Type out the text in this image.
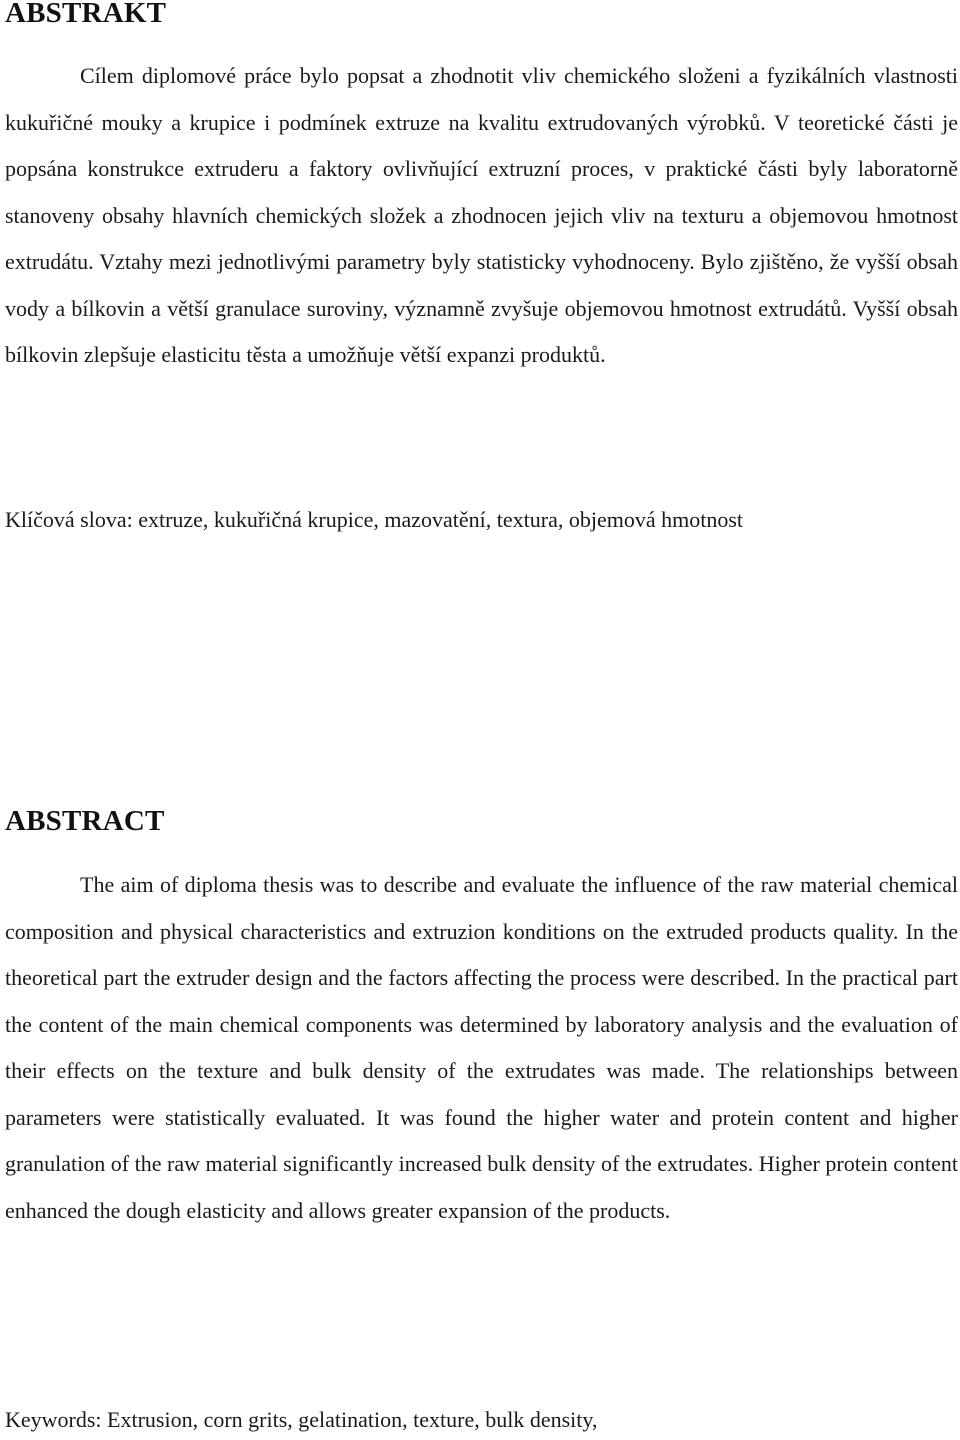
ABSTRAKT

Cílem diplomové práce bylo popsat a zhodnotit vliv chemického složeni a fyzikálních vlastnosti kukuřičné mouky a krupice i podmínek extruze na kvalitu extrudovaných výrobků. V teoretické části je popsána konstrukce extruderu a faktory ovlivňující extruzní proces, v praktické části byly laboratorně stanoveny obsahy hlavních chemických složek a zhodnocen jejich vliv na texturu a objemovou hmotnost extrudátu. Vztahy mezi jednotlivými parametry byly statisticky vyhodnoceny. Bylo zjištěno, že vyšší obsah vody a bílkovin a větší granulace suroviny, významně zvyšuje objemovou hmotnost extrudátů. Vyšší obsah bílkovin zlepšuje elasticitu těsta a umožňuje větší expanzi produktů.

Klíčová slova: extruze, kukuřičná krupice, mazovatění, textura, objemová hmotnost

ABSTRACT

The aim of diploma thesis was to describe and evaluate the influence of the raw material chemical composition and physical characteristics and extruzion konditions on the extruded products quality. In the theoretical part the extruder design and the factors affecting the process were described. In the practical part the content of the main chemical components was determined by laboratory analysis and the evaluation of their effects on the texture and bulk density of the extrudates was made. The relationships between parameters were statistically evaluated. It was found the higher water and protein content and higher granulation of the raw material significantly increased bulk density of the extrudates. Higher protein content enhanced the dough elasticity and allows greater expansion of the products.

Keywords: Extrusion, corn grits, gelatination, texture, bulk density,
